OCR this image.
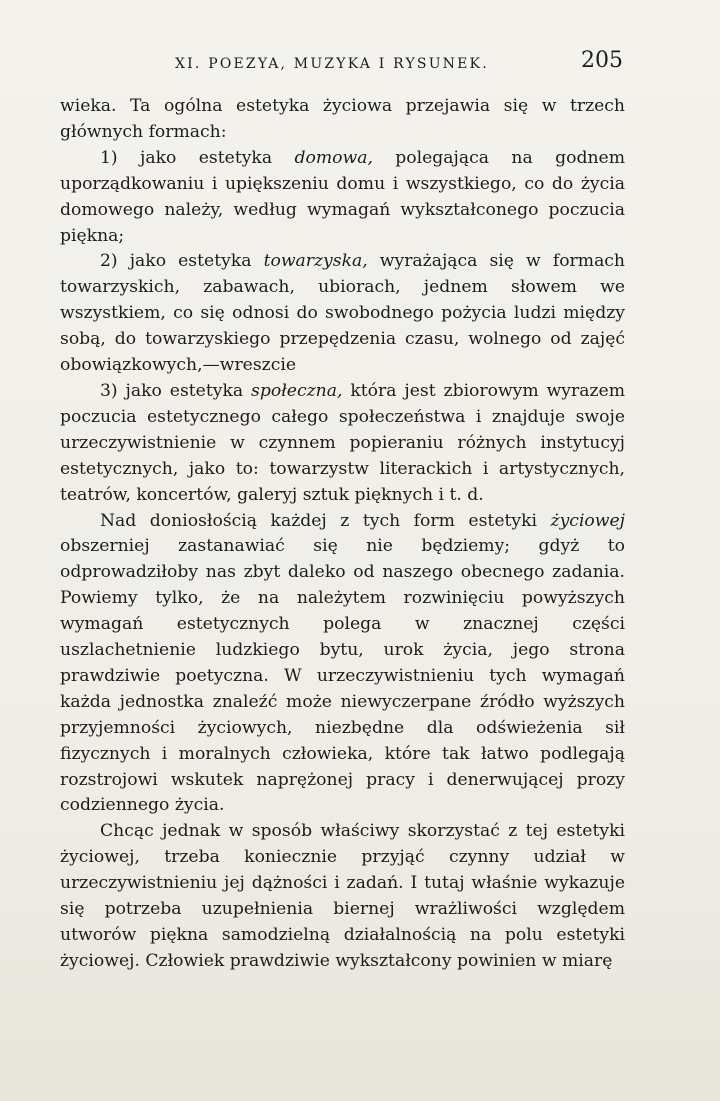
XI. POEZYA, MUZYKA I RYSUNEK.	205

wieka. Ta ogólna estetyka życiowa przejawia się w trzech głównych formach:

1) jako estetyka domowa, polegająca na godnem uporządkowaniu i upiększeniu domu i wszystkiego, co do życia domowego należy, według wymagań wykształconego poczucia piękna;

2) jako estetyka towarzyska, wyrażająca się w formach towarzyskich, zabawach, ubiorach, jednem słowem we wszystkiem, co się odnosi do swobodnego pożycia ludzi między sobą, do towarzyskiego przepędzenia czasu, wolnego od zajęć obowiązkowych,—wreszcie

3) jako estetyka społeczna, która jest zbiorowym wyrazem poczucia estetycznego całego społeczeństwa i znajduje swoje urzeczywistnienie w czynnem popieraniu różnych instytucyj estetycznych, jako to: towarzystw literackich i artystycznych, teatrów, koncertów, galeryj sztuk pięknych i t. d.

Nad doniosłością każdej z tych form estetyki życiowej obszerniej zastanawiać się nie będziemy; gdyż to odprowadziłoby nas zbyt daleko od naszego obecnego zadania. Powiemy tylko, że na należytem rozwinięciu powyższych wymagań estetycznych polega w znacznej części uszlachetnienie ludzkiego bytu, urok życia, jego strona prawdziwie poetyczna. W urzeczywistnieniu tych wymagań każda jednostka znaleźć może niewyczerpane źródło wyższych przyjemności życiowych, niezbędne dla odświeżenia sił fizycznych i moralnych człowieka, które tak łatwo podlegają rozstrojowi wskutek naprężonej pracy i denerwującej prozy codziennego życia.

Chcąc jednak w sposób właściwy skorzystać z tej estetyki życiowej, trzeba koniecznie przyjąć czynny udział w urzeczywistnieniu jej dążności i zadań. I tutaj właśnie wykazuje się potrzeba uzupełnienia biernej wrażliwości względem utworów piękna samodzielną działalnością na polu estetyki życiowej. Człowiek prawdziwie wykształcony powinien w miarę
